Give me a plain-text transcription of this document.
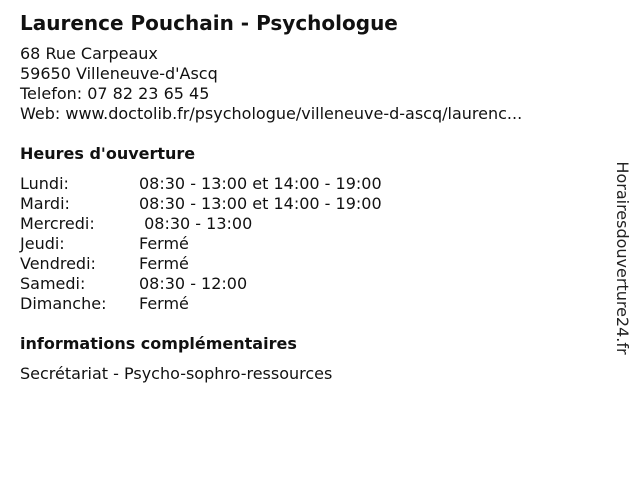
Laurence Pouchain - Psychologue
68 Rue Carpeaux
59650 Villeneuve-d'Ascq
Telefon: 07 82 23 65 45
Web: www.doctolib.fr/psychologue/villeneuve-d-ascq/laurenc...
Heures d'ouverture
Lundi:	08:30 - 13:00 et 14:00 - 19:00
Mardi:	08:30 - 13:00 et 14:00 - 19:00
Mercredi:	08:30 - 13:00
Jeudi:	Fermé
Vendredi:	Fermé
Samedi:	08:30 - 12:00
Dimanche:	Fermé
informations complémentaires
Secrétariat - Psycho-sophro-ressources
Horairesdouverture24.fr
